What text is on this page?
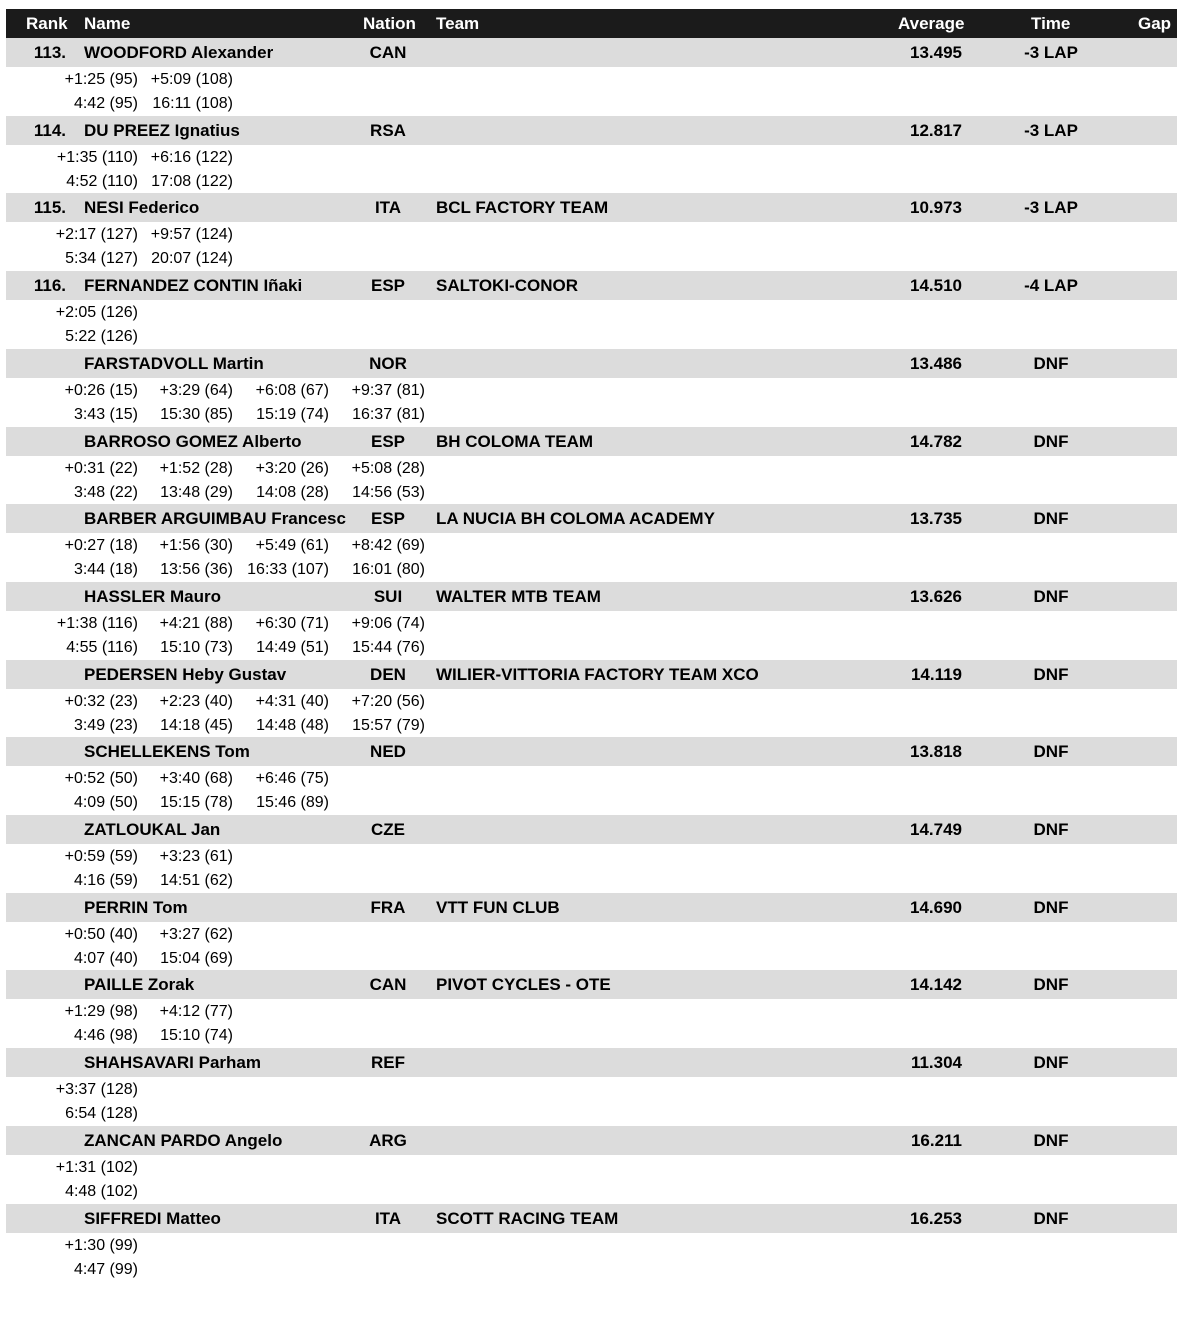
Rank Name	Nation Team	Average	Time	Gap
113. WOODFORD Alexander	CAN	13.495	-3 LAP
+1:25 (95) +5:09 (108)
4:42 (95) 16:11 (108)
114. DU PREEZ Ignatius	RSA	12.817	-3 LAP
+1:35 (110) +6:16 (122)
4:52 (110) 17:08 (122)
115. NESI Federico	ITA	BCL FACTORY TEAM	10.973	-3 LAP
+2:17 (127) +9:57 (124)
5:34 (127) 20:07 (124)
116. FERNANDEZ CONTIN Iñaki	ESP	SALTOKI-CONOR	14.510	-4 LAP
+2:05 (126)
5:22 (126)
FARSTADVOLL Martin	NOR	13.486	DNF
+0:26 (15)	+3:29 (64)	+6:08 (67)	+9:37 (81)
3:43 (15)	15:30 (85)	15:19 (74)	16:37 (81)
BARROSO GOMEZ Alberto	ESP	BH COLOMA TEAM	14.782	DNF
+0:31 (22)	+1:52 (28)	+3:20 (26)	+5:08 (28)
3:48 (22)	13:48 (29)	14:08 (28)	14:56 (53)
BARBER ARGUIMBAU Francesc	ESP	LA NUCIA BH COLOMA ACADEMY	13.735	DNF
+0:27 (18)	+1:56 (30)	+5:49 (61)	+8:42 (69)
3:44 (18)	13:56 (36) 16:33 (107)	16:01 (80)
HASSLER Mauro	SUI	WALTER MTB TEAM	13.626	DNF
+1:38 (116)	+4:21 (88)	+6:30 (71)	+9:06 (74)
4:55 (116)	15:10 (73)	14:49 (51)	15:44 (76)
PEDERSEN Heby Gustav	DEN	WILIER-VITTORIA FACTORY TEAM XCO	14.119	DNF
+0:32 (23)	+2:23 (40)	+4:31 (40)	+7:20 (56)
3:49 (23)	14:18 (45)	14:48 (48)	15:57 (79)
SCHELLEKENS Tom	NED	13.818	DNF
+0:52 (50)	+3:40 (68)	+6:46 (75)
4:09 (50)	15:15 (78)	15:46 (89)
ZATLOUKAL Jan	CZE	14.749	DNF
+0:59 (59)	+3:23 (61)
4:16 (59)	14:51 (62)
PERRIN Tom	FRA	VTT FUN CLUB	14.690	DNF
+0:50 (40)	+3:27 (62)
4:07 (40)	15:04 (69)
PAILLE Zorak	CAN	PIVOT CYCLES - OTE	14.142	DNF
+1:29 (98)	+4:12 (77)
4:46 (98)	15:10 (74)
SHAHSAVARI Parham	REF	11.304	DNF
+3:37 (128)
6:54 (128)
ZANCAN PARDO Angelo	ARG	16.211	DNF
+1:31 (102)
4:48 (102)
SIFFREDI Matteo	ITA	SCOTT RACING TEAM	16.253	DNF
+1:30 (99)
4:47 (99)
